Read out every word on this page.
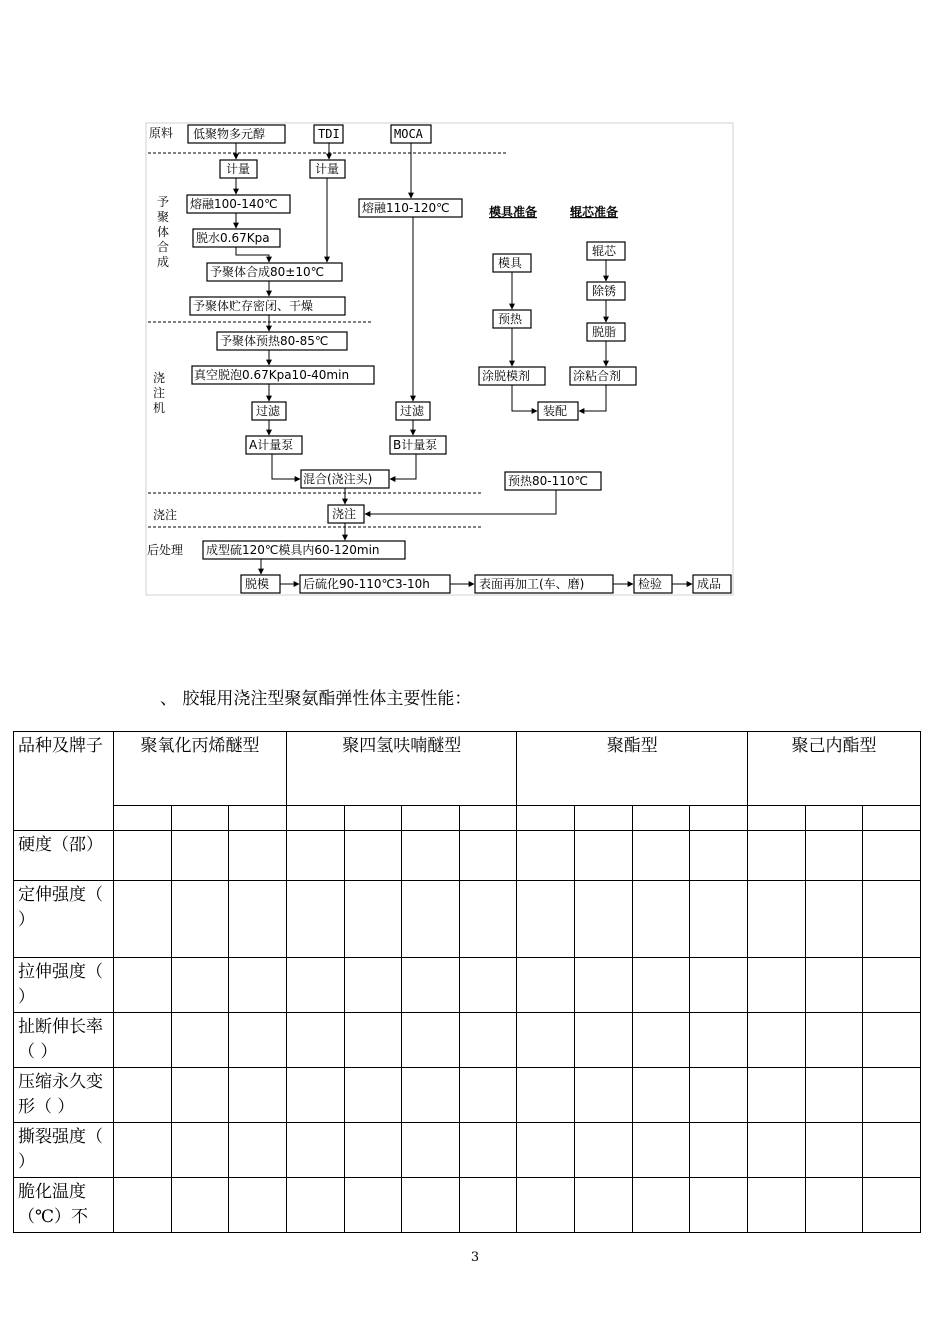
原料
予
聚
体
合
成
浇
注
机
浇注
后处理
低聚物多元醇	TDI	MOCA
计量	计量
熔融100-140℃	熔融110-120℃
脱水0.67Kpa
予聚体合成80±10℃
予聚体贮存密闭、干燥
予聚体预热80-85℃
真空脱泡0.67Kpa10-40min
过滤	过滤
A计量泵	B计量泵
混合(浇注头)	预热80-110℃
浇注
成型硫120℃模具内60-120min
脱模	后硫化90-110℃3-10h	表面再加工(车、磨)	检验	成品
模具准备	辊芯准备
模具
预热
涂脱模剂
辊芯
除锈
脱脂
涂粘合剂
装配
、 胶辊用浇注型聚氨酯弹性体主要性能：
品种及牌子	聚氧化丙烯醚型			聚四氢呋喃醚型				聚酯型				聚己内酯型		

硬度（邵）														
定伸强度（ ）														
拉伸强度（ ）														
扯断伸长率（ ）														
压缩永久变形（ ）														
撕裂强度（ ）														
脆化温度（℃）不														
3
